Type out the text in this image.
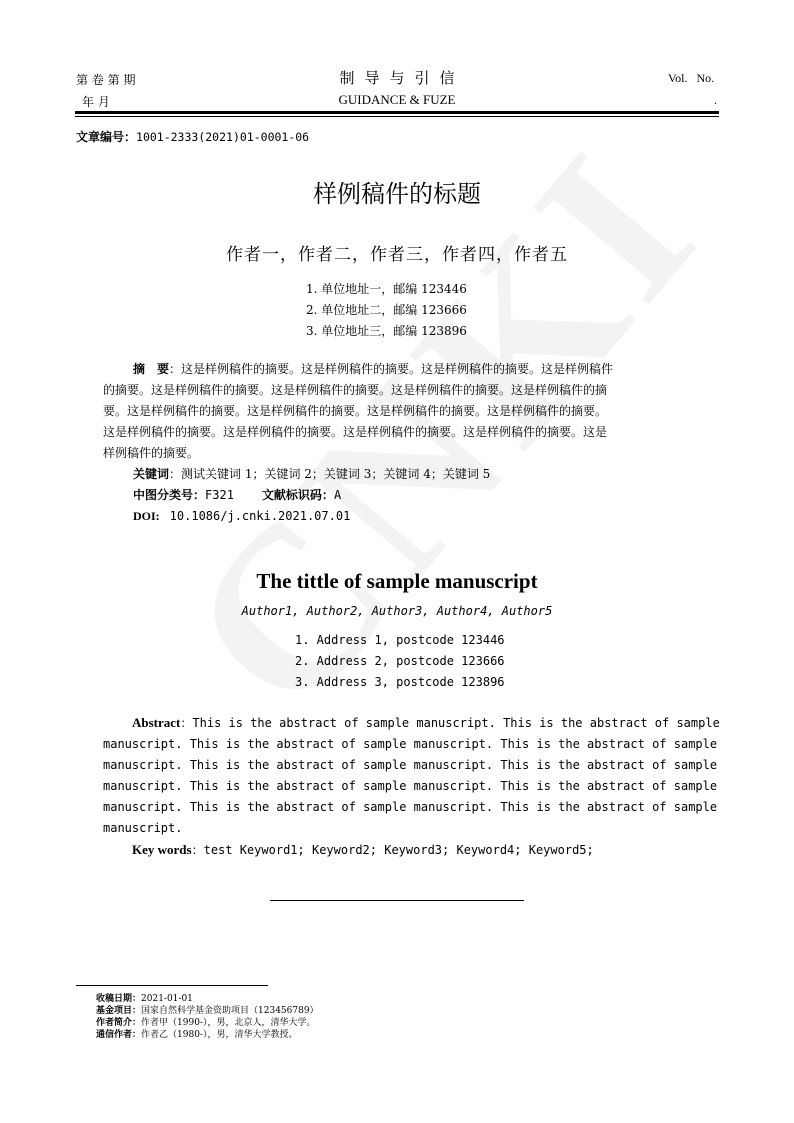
第 卷 第 期
年 月
制导与引信
GUIDANCE & FUZE
Vol.   No.
.
文章编号：1001-2333(2021)01-0001-06
样例稿件的标题
作者一，作者二，作者三，作者四，作者五
1. 单位地址一，邮编 123446
2. 单位地址二，邮编 123666
3. 单位地址三，邮编 123896
摘　要：这是样例稿件的摘要。这是样例稿件的摘要。这是样例稿件的摘要。这是样例稿件
的摘要。这是样例稿件的摘要。这是样例稿件的摘要。这是样例稿件的摘要。这是样例稿件的摘
要。这是样例稿件的摘要。这是样例稿件的摘要。这是样例稿件的摘要。这是样例稿件的摘要。
这是样例稿件的摘要。这是样例稿件的摘要。这是样例稿件的摘要。这是样例稿件的摘要。这是
样例稿件的摘要。
关键词：测试关键词 1；关键词 2；关键词 3；关键词 4；关键词 5
中图分类号：F321 文献标识码：A
DOI: 10.1086/j.cnki.2021.07.01
The tittle of sample manuscript
Author1, Author2, Author3, Author4, Author5
1. Address 1, postcode 123446
2. Address 2, postcode 123666
3. Address 3, postcode 123896
Abstract：This is the abstract of sample manuscript. This is the abstract of sample
manuscript. This is the abstract of sample manuscript. This is the abstract of sample
manuscript. This is the abstract of sample manuscript. This is the abstract of sample
manuscript. This is the abstract of sample manuscript. This is the abstract of sample
manuscript. This is the abstract of sample manuscript. This is the abstract of sample
manuscript.
Key words：test Keyword1; Keyword2; Keyword3; Keyword4; Keyword5;
收稿日期：2021-01-01
基金项目：国家自然科学基金资助项目（123456789）
作者简介：作者甲（1990-），男，北京人，清华大学。
通信作者：作者乙（1980-），男，清华大学教授。
